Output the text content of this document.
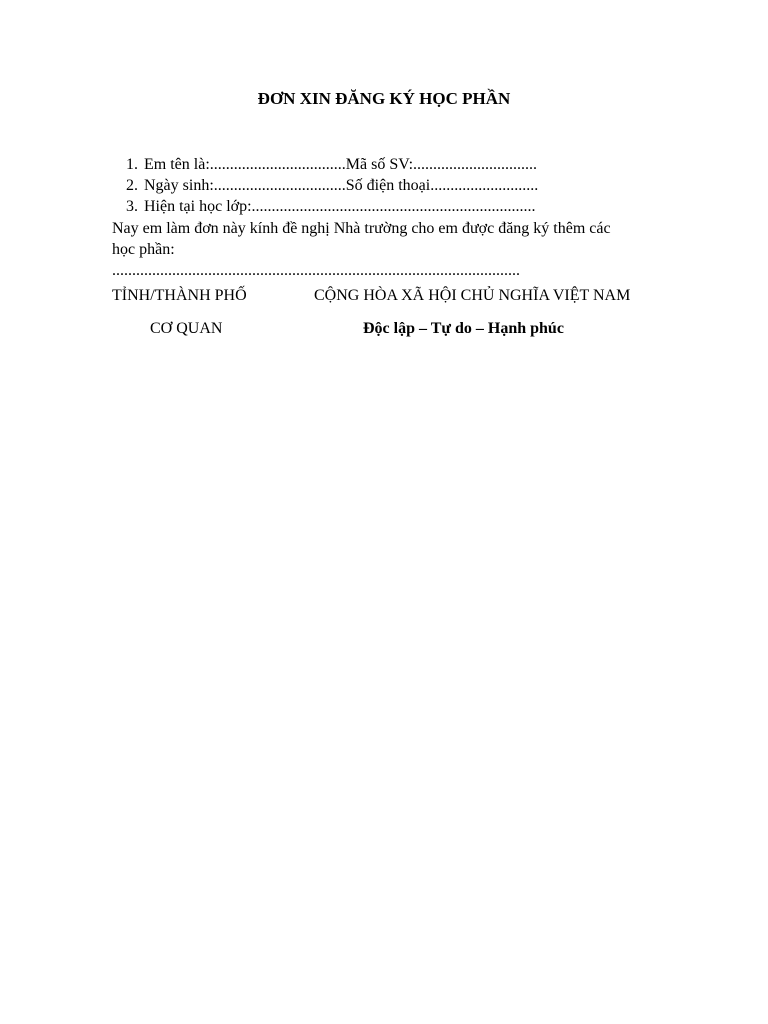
ĐƠN XIN ĐĂNG KÝ HỌC PHẦN
1. Em tên là:..................................Mã số SV:...............................
2. Ngày sinh:.................................Số điện thoại...........................
3. Hiện tại học lớp:.......................................................................
Nay em làm đơn này kính đề nghị Nhà trường cho em được đăng ký thêm các
học phần:
......................................................................................................
TỈNH/THÀNH PHỐ
CƠ QUAN
CỘNG HÒA XÃ HỘI CHỦ NGHĨA VIỆT NAM
Độc lập – Tự do – Hạnh phúc
